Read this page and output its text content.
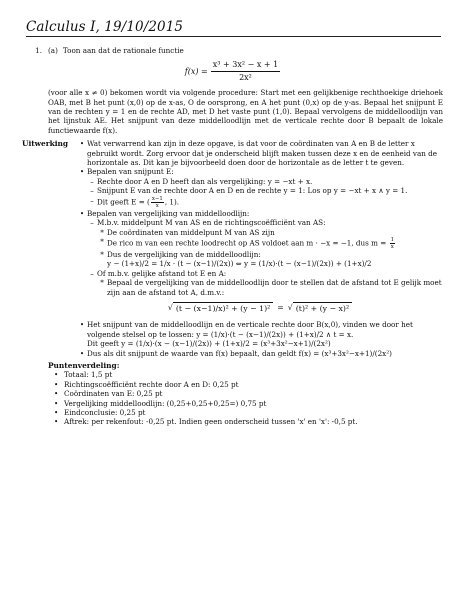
Calculus I, 19/10/2015
1. (a) Toon aan dat de rationale functie
$f(x) = \frac{\text{x³ + 3x² − x + 1}}{\text{2x²}}$
(voor alle x ≠ 0) bekomen wordt via volgende procedure: Start met een gelijkbenige rechthoekige driehoek OAB, met B het punt (x,0) op de x-as, O de oorsprong, en A het punt (0,x) op de y-as. Bepaal het snijpunt E van de rechten y = 1 en de rechte AD, met D het vaste punt (1,0). Bepaal vervolgens de middelloodlijn van het lijnstuk AE. Het snijpunt van deze middelloodlijn met de verticale rechte door B bepaalt de lokale functiewaarde f(x).
Uitwerking	• Wat verwarrend kan zijn in deze opgave, is dat voor de coördinaten van A en B de letter x gebruikt wordt. Zorg ervoor dat je onderscheid blijft maken tussen deze x en de eenheid van de horizontale as. Dit kan je bijvoorbeeld doen door de horizontale as de letter t te geven.
• Bepalen van snijpunt E:
– Rechte door A en D heeft dan als vergelijking: y = −xt + x.
– Snijpunt E van de rechte door A en D en de rechte y = 1: Los op y = −xt + x ∧ y = 1.
– Dit geeft E = ( $\frac{x-1}{x}$ , 1).
• Bepalen van vergelijking van middelloodlijn:
– M.b.v. middelpunt M van AS en de richtingscoëfficiënt van AS:
* De coördinaten van middelpunt M van AS zijn
* De rico m van een rechte loodrecht op AS voldoet aan m · −x = −1, dus $m = \frac{1}{x}$
* Dus de vergelijking van de middelloodlijn:
y − (1+x)/2 = 1/x · (t − (x−1)/(2x)) ⇔ y = (1/x)·(t − (x−1)/(2x)) + (1+x)/2
– Of m.b.v. gelijke afstand tot E en A:
* Bepaal de vergelijking van de middelloodlijn door te stellen dat de afstand tot E gelijk moet zijn aan de afstand tot A, d.m.v.:
√ (t − (x−1)/x)² + (y − 1)² = √ (t)² + (y − x)²
• Het snijpunt van de middelloodlijn en de verticale rechte door B(x,0), vinden we door het volgende stelsel op te lossen: y = (1/x)·(t − (x−1)/(2x)) + (1+x)/2 ∧ t = x.
Dit geeft y = (1/x)·(x − (x−1)/(2x)) + (1+x)/2 = (x³+3x²−x+1)/(2x²)
• Dus als dit snijpunt de waarde van f(x) bepaalt, dan geldt f(x) = (x³+3x²−x+1)/(2x²)
Puntenverdeling:
• Totaal: 1,5 pt
• Richtingscoëfficiënt rechte door A en D: 0,25 pt
• Coördinaten van E: 0,25 pt
• Vergelijking middelloodlijn: (0,25+0,25+0,25=) 0,75 pt
• Eindconclusie: 0,25 pt
• Aftrek: per rekenfout: -0,25 pt. Indien geen onderscheid tussen 'x' en 'x': -0,5 pt.
